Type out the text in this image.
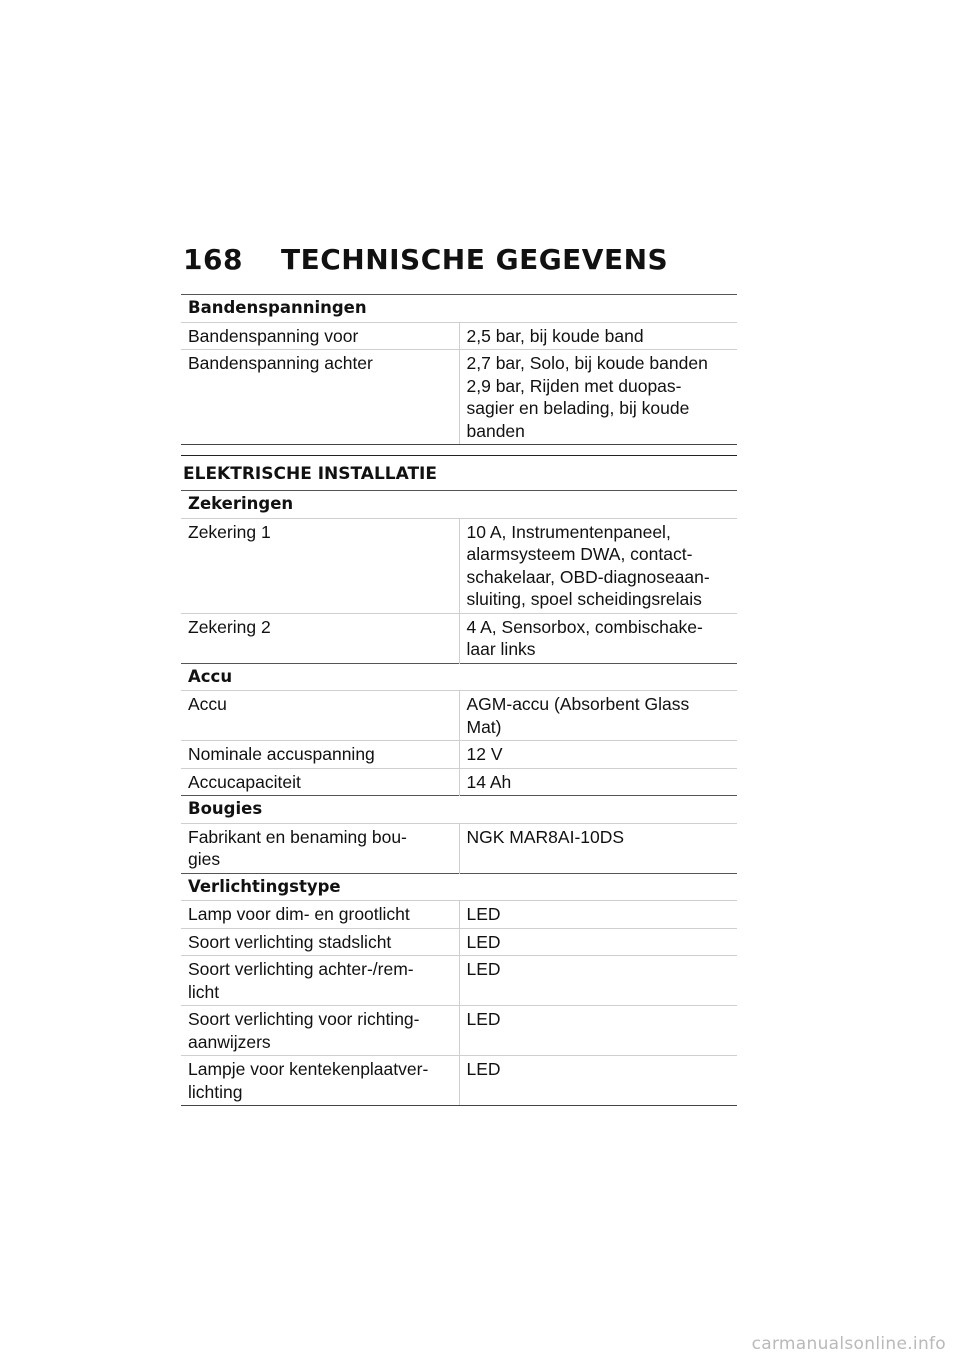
168	TECHNISCHE GEGEVENS
Bandenspanningen	
Bandenspanning voor	2,5 bar, bij koude band

Bandenspanning achter	2,7 bar, Solo, bij koude banden
2,9 bar, Rijden met duopas-
sagier en belading, bij koude
banden
ELEKTRISCHE INSTALLATIE
Zekeringen	
Zekering 1	10 A, Instrumentenpaneel,
alarmsysteem DWA, contact-
schakelaar, OBD-diagnoseaan-
sluiting, spoel scheidingsrelais

Zekering 2	4 A, Sensorbox, combischake-
laar links

Accu	
Accu	AGM-accu (Absorbent Glass
Mat)

Nominale accuspanning	12 V

Accucapaciteit	14 Ah

Bougies	

Fabrikant en benaming bou-
gies	NGK MAR8AI-10DS

Verlichtingstype	

Lamp voor dim- en grootlicht	LED

Soort verlichting stadslicht	LED

Soort verlichting achter-/rem-
licht	LED

Soort verlichting voor richting-
aanwijzers	LED

Lampje voor kentekenplaatver-
lichting	LED
carmanualsonline.info
